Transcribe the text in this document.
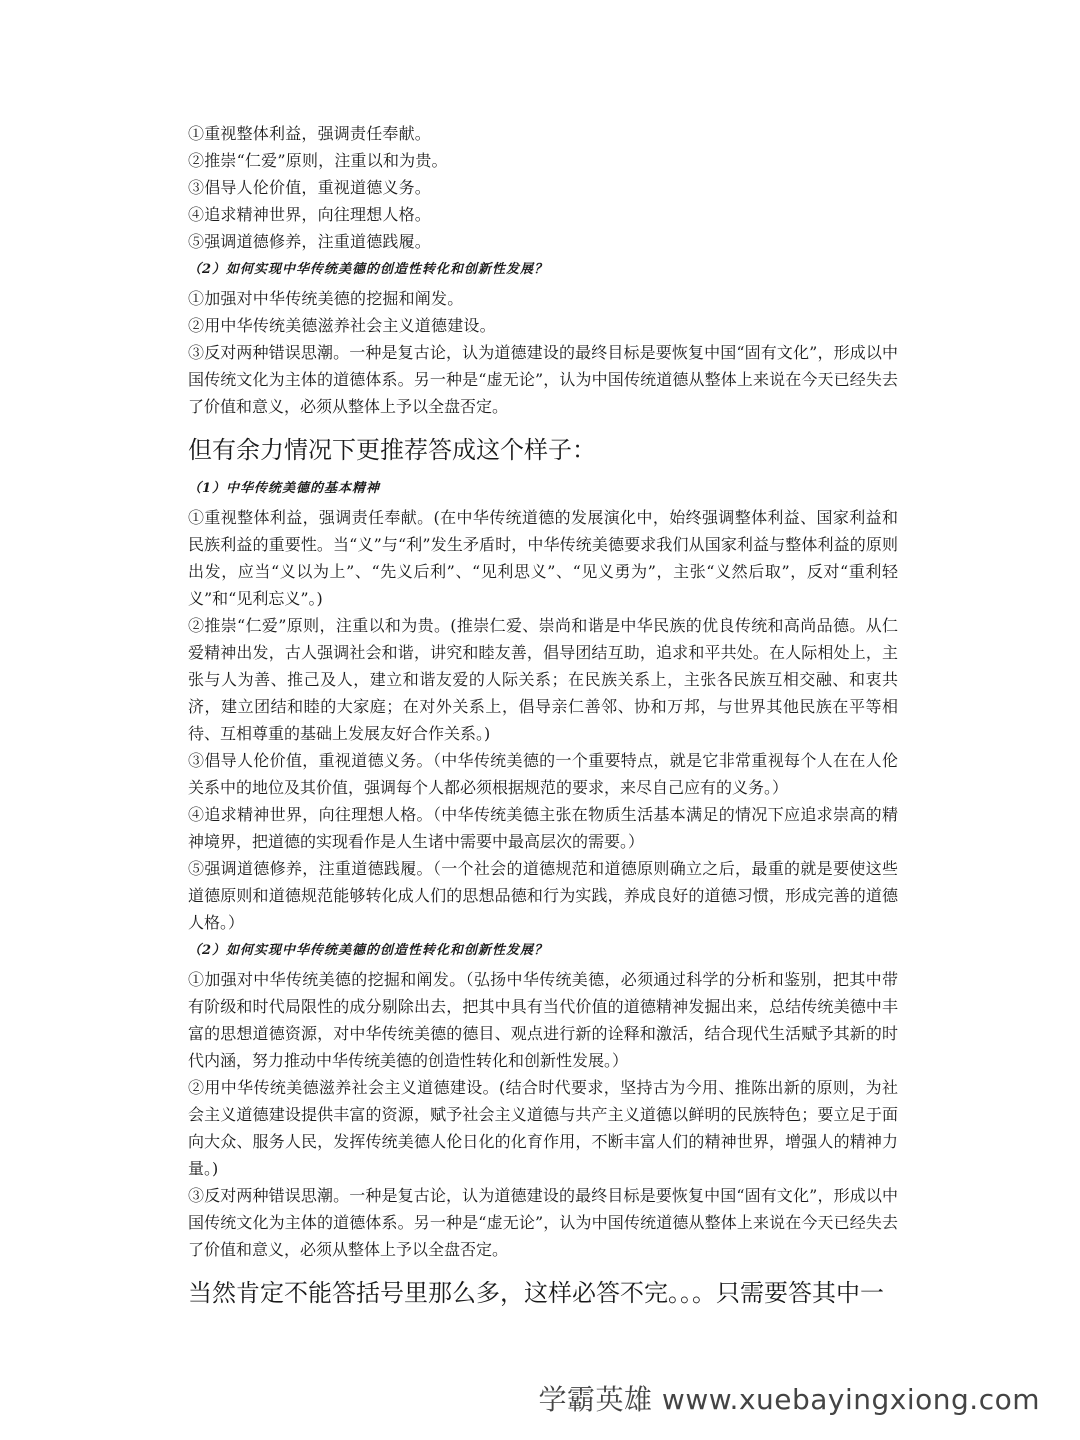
①重视整体利益，强调责任奉献。

②推崇“仁爱”原则，注重以和为贵。

③倡导人伦价值，重视道德义务。

④追求精神世界，向往理想人格。

⑤强调道德修养，注重道德践履。

（2）如何实现中华传统美德的创造性转化和创新性发展？

①加强对中华传统美德的挖掘和阐发。

②用中华传统美德滋养社会主义道德建设。

③反对两种错误思潮。一种是复古论，认为道德建设的最终目标是要恢复中国“固有文化”，形成以中国传统文化为主体的道德体系。另一种是“虚无论”，认为中国传统道德从整体上来说在今天已经失去了价值和意义，必须从整体上予以全盘否定。

但有余力情况下更推荐答成这个样子：

（1）中华传统美德的基本精神

①重视整体利益，强调责任奉献。(在中华传统道德的发展演化中，始终强调整体利益、国家利益和民族利益的重要性。当“义”与“利”发生矛盾时，中华传统美德要求我们从国家利益与整体利益的原则出发，应当“义以为上”、“先义后利”、“见利思义”、“见义勇为”，主张“义然后取”，反对“重利轻义”和“见利忘义”。)

②推崇“仁爱”原则，注重以和为贵。(推崇仁爱、崇尚和谐是中华民族的优良传统和高尚品德。从仁爱精神出发，古人强调社会和谐，讲究和睦友善，倡导团结互助，追求和平共处。在人际相处上，主张与人为善、推己及人，建立和谐友爱的人际关系；在民族关系上，主张各民族互相交融、和衷共济，建立团结和睦的大家庭；在对外关系上，倡导亲仁善邻、协和万邦，与世界其他民族在平等相待、互相尊重的基础上发展友好合作关系。)

③倡导人伦价值，重视道德义务。（中华传统美德的一个重要特点，就是它非常重视每个人在在人伦关系中的地位及其价值，强调每个人都必须根据规范的要求，来尽自己应有的义务。）

④追求精神世界，向往理想人格。（中华传统美德主张在物质生活基本满足的情况下应追求崇高的精神境界，把道德的实现看作是人生诸中需要中最高层次的需要。）

⑤强调道德修养，注重道德践履。（一个社会的道德规范和道德原则确立之后，最重的就是要使这些道德原则和道德规范能够转化成人们的思想品德和行为实践，养成良好的道德习惯，形成完善的道德人格。）

（2）如何实现中华传统美德的创造性转化和创新性发展？

①加强对中华传统美德的挖掘和阐发。（弘扬中华传统美德，必须通过科学的分析和鉴别，把其中带有阶级和时代局限性的成分剔除出去，把其中具有当代价值的道德精神发掘出来，总结传统美德中丰富的思想道德资源，对中华传统美德的德目、观点进行新的诠释和激活，结合现代生活赋予其新的时代内涵，努力推动中华传统美德的创造性转化和创新性发展。）

②用中华传统美德滋养社会主义道德建设。(结合时代要求，坚持古为今用、推陈出新的原则，为社会主义道德建设提供丰富的资源，赋予社会主义道德与共产主义道德以鲜明的民族特色；要立足于面向大众、服务人民，发挥传统美德人伦日化的化育作用，不断丰富人们的精神世界，增强人的精神力量。)

③反对两种错误思潮。一种是复古论，认为道德建设的最终目标是要恢复中国“固有文化”，形成以中国传统文化为主体的道德体系。另一种是“虚无论”，认为中国传统道德从整体上来说在今天已经失去了价值和意义，必须从整体上予以全盘否定。

当然肯定不能答括号里那么多，这样必答不完。。。只需要答其中一

学霸英雄 www.xuebayingxiong.com
